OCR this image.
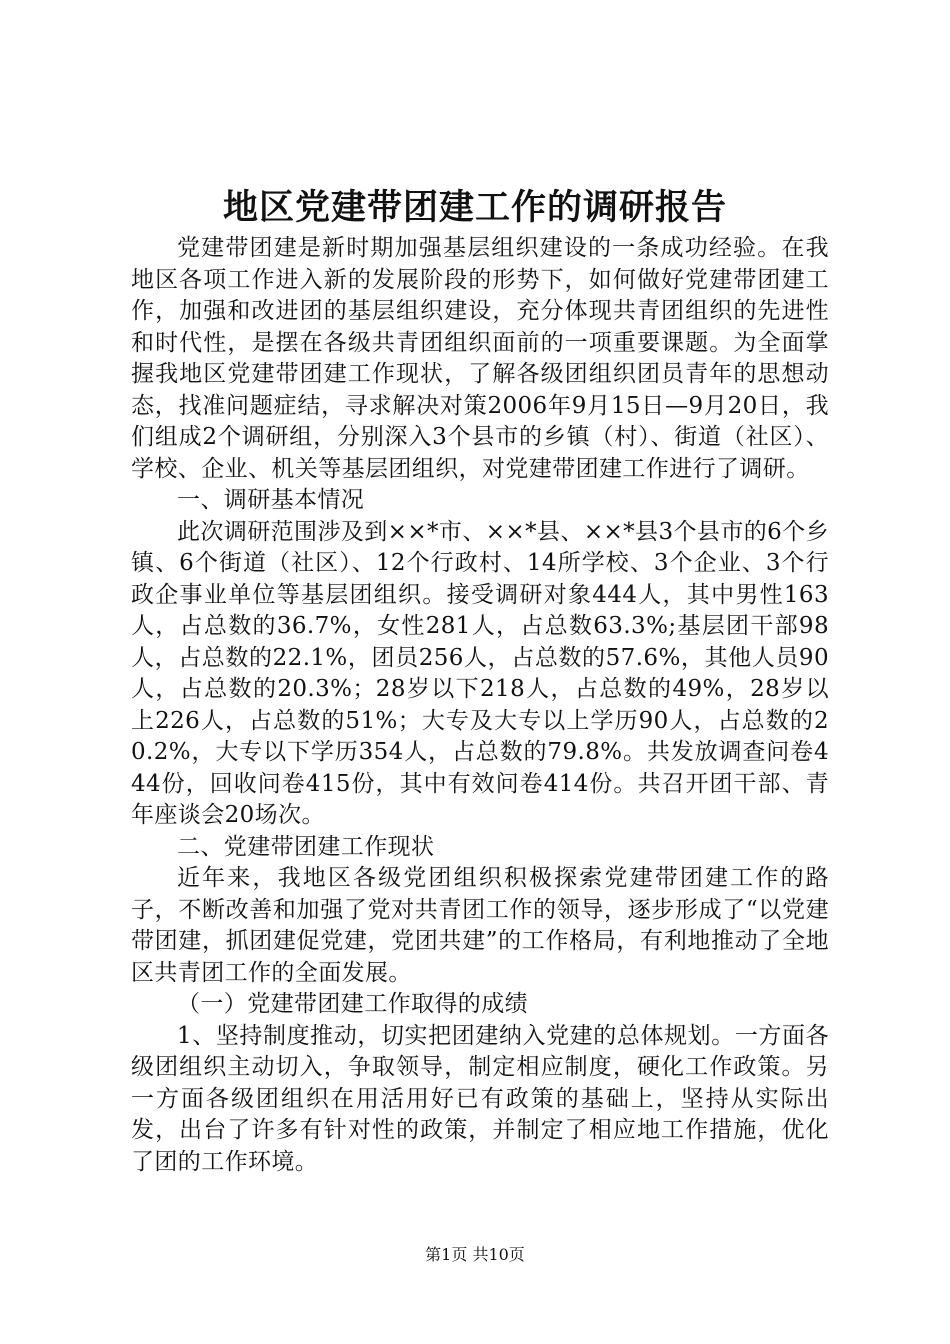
地区党建带团建工作的调研报告

党建带团建是新时期加强基层组织建设的一条成功经验。在我地区各项工作进入新的发展阶段的形势下，如何做好党建带团建工作，加强和改进团的基层组织建设，充分体现共青团组织的先进性和时代性，是摆在各级共青团组织面前的一项重要课题。为全面掌握我地区党建带团建工作现状，了解各级团组织团员青年的思想动态，找准问题症结，寻求解决对策2006年9月15日—9月20日，我们组成2个调研组，分别深入3个县市的乡镇（村）、街道（社区）、学校、企业、机关等基层团组织，对党建带团建工作进行了调研。

一、调研基本情况

此次调研范围涉及到××*市、××*县、××*县3个县市的6个乡镇、6个街道（社区）、12个行政村、14所学校、3个企业、3个行政企事业单位等基层团组织。接受调研对象444人，其中男性163人，占总数的36.7%，女性281人，占总数63.3%;基层团干部98人，占总数的22.1%，团员256人，占总数的57.6%，其他人员90人，占总数的20.3%；28岁以下218人，占总数的49%，28岁以上226人，占总数的51%；大专及大专以上学历90人，占总数的20.2%，大专以下学历354人，占总数的79.8%。共发放调查问卷444份，回收问卷415份，其中有效问卷414份。共召开团干部、青年座谈会20场次。

二、党建带团建工作现状

近年来，我地区各级党团组织积极探索党建带团建工作的路子，不断改善和加强了党对共青团工作的领导，逐步形成了“以党建带团建，抓团建促党建，党团共建”的工作格局，有利地推动了全地区共青团工作的全面发展。

（一）党建带团建工作取得的成绩

1、坚持制度推动，切实把团建纳入党建的总体规划。一方面各级团组织主动切入，争取领导，制定相应制度，硬化工作政策。另一方面各级团组织在用活用好已有政策的基础上，坚持从实际出发，出台了许多有针对性的政策，并制定了相应地工作措施，优化了团的工作环境。

第1页 共10页
